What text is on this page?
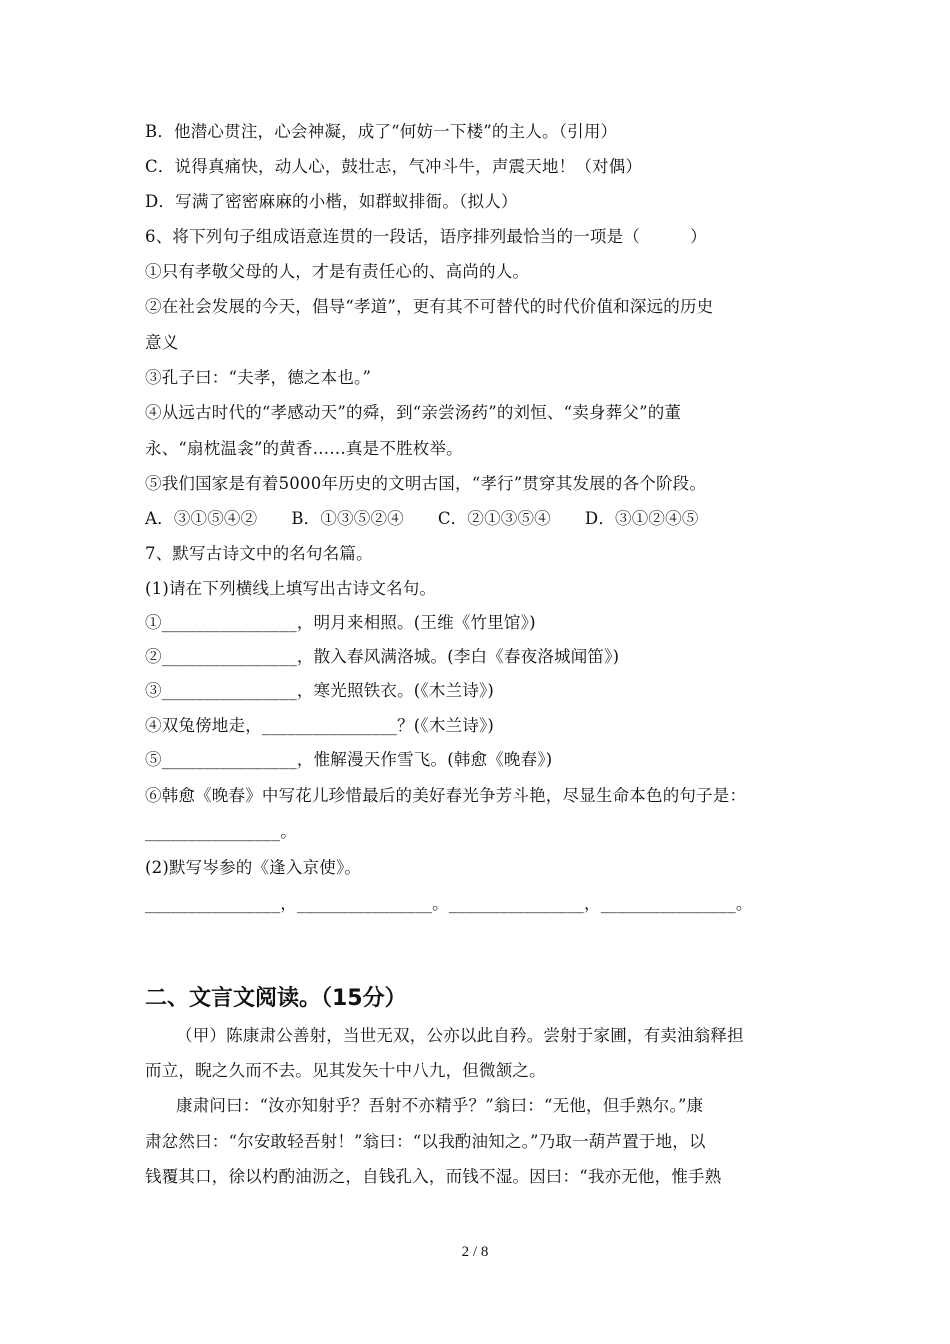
B．他潜心贯注，心会神凝，成了“何妨一下楼”的主人。（引用）
C．说得真痛快，动人心，鼓壮志，气冲斗牛，声震天地！（对偶）
D．写满了密密麻麻的小楷，如群蚁排衙。（拟人）
6、将下列句子组成语意连贯的一段话，语序排列最恰当的一项是（　　　）
①只有孝敬父母的人，才是有责任心的、高尚的人。
②在社会发展的今天，倡导“孝道”，更有其不可替代的时代价值和深远的历史
意义
③孔子曰：“夫孝，德之本也。”
④从远古时代的“孝感动天”的舜，到“亲尝汤药”的刘恒、“卖身葬父”的董
永、“扇枕温衾”的黄香……真是不胜枚举。
⑤我们国家是有着5000年历史的文明古国，“孝行”贯穿其发展的各个阶段。
A．③①⑤④② B．①③⑤②④ C．②①③⑤④ D．③①②④⑤
7、默写古诗文中的名句名篇。
(1)请在下列横线上填写出古诗文名句。
①________________，明月来相照。(王维《竹里馆》)
②________________，散入春风满洛城。(李白《春夜洛城闻笛》)
③________________，寒光照铁衣。(《木兰诗》)
④双兔傍地走，________________？(《木兰诗》)
⑤________________，惟解漫天作雪飞。(韩愈《晚春》)
⑥韩愈《晚春》中写花儿珍惜最后的美好春光争芳斗艳，尽显生命本色的句子是：
________________。
(2)默写岑参的《逢入京使》。
________________，________________。________________，________________。
二、文言文阅读。（15分）
（甲）陈康肃公善射，当世无双，公亦以此自矜。尝射于家圃，有卖油翁释担
而立，睨之久而不去。见其发矢十中八九，但微颔之。
康肃问曰：“汝亦知射乎？吾射不亦精乎？”翁曰：“无他，但手熟尔。”康
肃忿然曰：“尔安敢轻吾射！”翁曰：“以我酌油知之。”乃取一葫芦置于地，以
钱覆其口，徐以杓酌油沥之，自钱孔入，而钱不湿。因曰：“我亦无他，惟手熟
2 / 8
